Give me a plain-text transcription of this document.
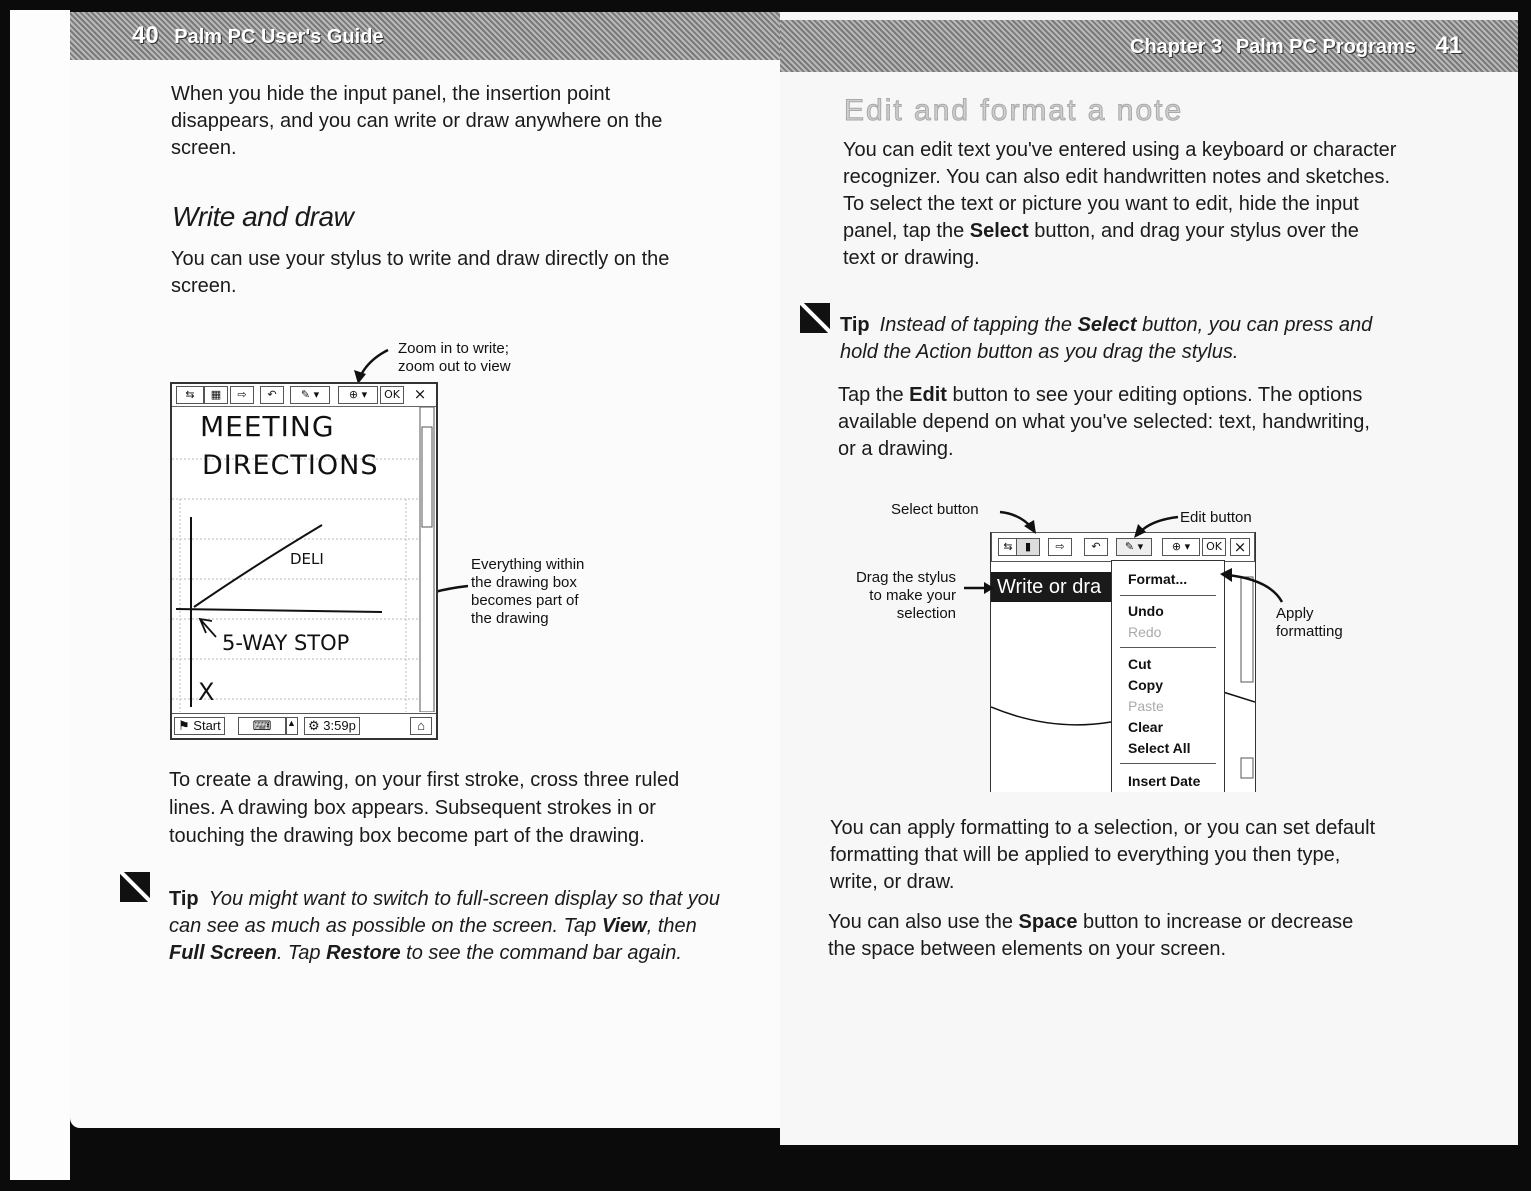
40 Palm PC User's Guide
When you hide the input panel, the insertion point
disappears, and you can write or draw anywhere on the
screen.
Write and draw
You can use your stylus to write and draw directly on the
screen.
Zoom in to write;
zoom out to view
Everything within
the drawing box
becomes part of
the drawing
⇆	▦	⇨	↶	✎ ▾	⊕ ▾	OK ×
MEETING
DIRECTIONS
DELI
5-WAY STOP
X
⚑ Start	⌨	▲ ⚙ 3:59p	⌂
To create a drawing, on your first stroke, cross three ruled
lines. A drawing box appears. Subsequent strokes in or
touching the drawing box become part of the drawing.
Tip You might want to switch to full-screen display so that you
can see as much as possible on the screen. Tap View, then
Full Screen. Tap Restore to see the command bar again.
Chapter 3 Palm PC Programs 41
Edit and format a note
You can edit text you've entered using a keyboard or character
recognizer. You can also edit handwritten notes and sketches.
To select the text or picture you want to edit, hide the input
panel, tap the Select button, and drag your stylus over the
text or drawing.
Tip Instead of tapping the Select button, you can press and
hold the Action button as you drag the stylus.
Tap the Edit button to see your editing options. The options
available depend on what you've selected: text, handwriting,
or a drawing.
Select button	Edit button
Drag the stylus
to make your
selection	Apply
formatting
⇆	▮	⇨	↶	✎ ▾	⊕ ▾	OK ×
Write or dra	Format...
Undo
Redo
Cut
Copy
Paste
Clear
Select All
Insert Date
You can apply formatting to a selection, or you can set default
formatting that will be applied to everything you then type,
write, or draw.
You can also use the Space button to increase or decrease
the space between elements on your screen.
